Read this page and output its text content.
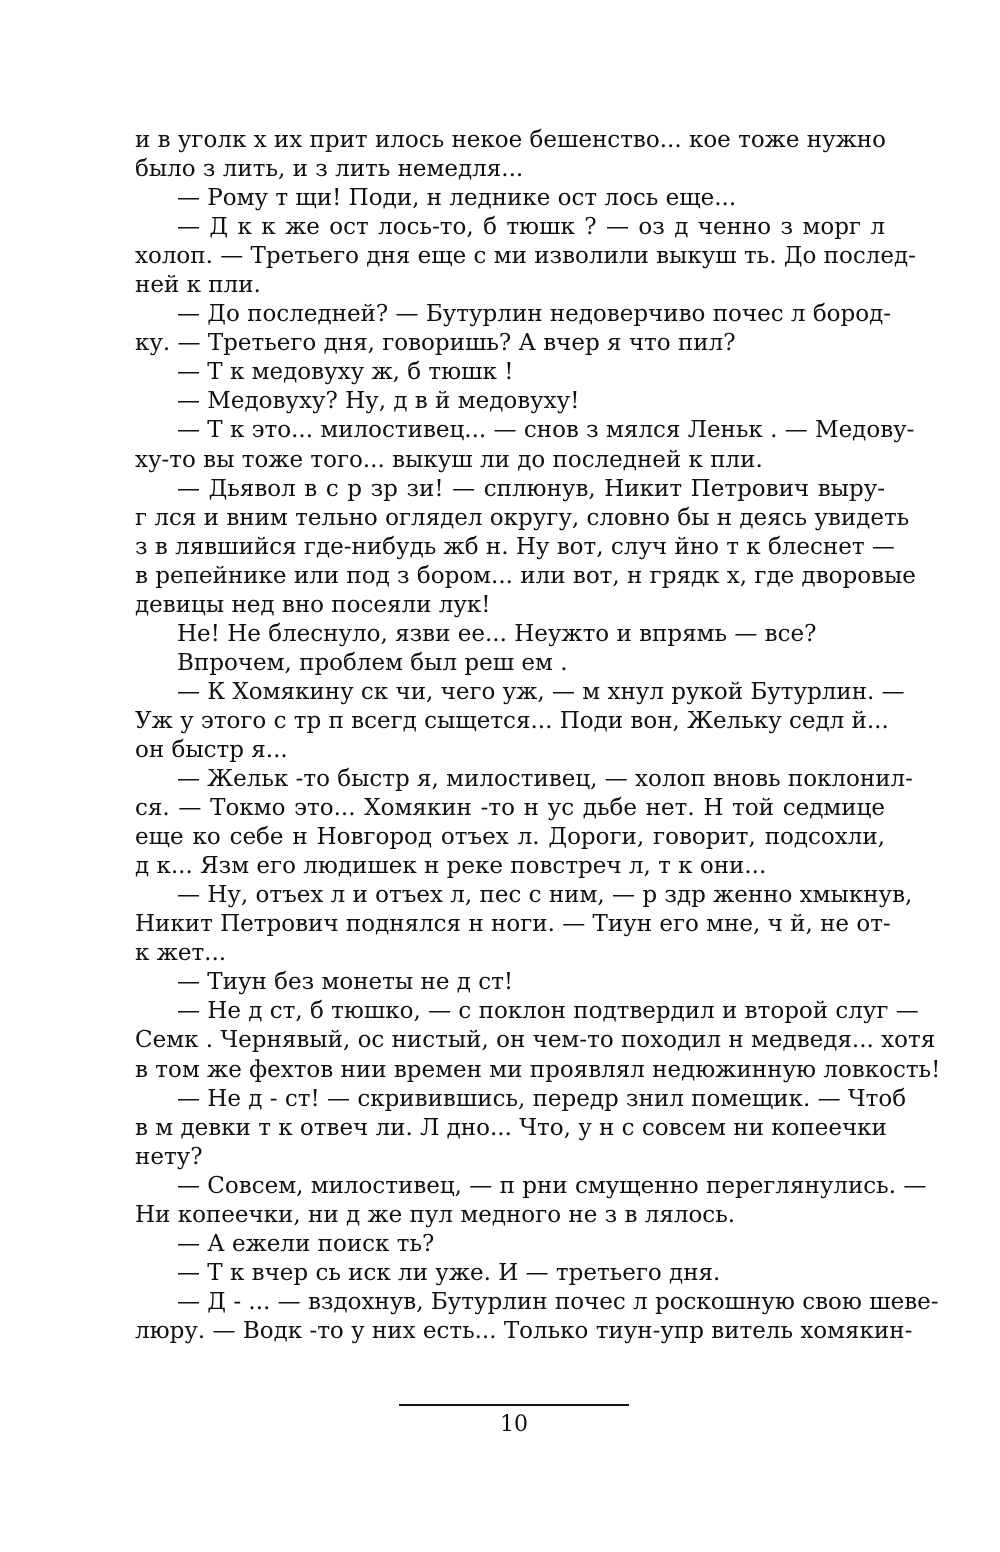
и в уголк х их прит илось некое бешенство... кое тоже нужно
было з лить, и з лить немедля...
— Рому т щи! Поди, н леднике ост лось еще...
— Д к к же ост лось-то, б тюшк ? — оз д ченно з морг л
холоп. — Третьего дня еще с ми изволили выкуш ть. До послед-
ней к пли.
— До последней? — Бутурлин недоверчиво почес л бород-
ку. — Третьего дня, говоришь? А вчер я что пил?
— Т к медовуху ж, б тюшк !
— Медовуху? Ну, д в й медовуху!
— Т к это... милостивец... — снов з мялся Леньк . — Медову-
ху-то вы тоже того... выкуш ли до последней к пли.
— Дьявол в с р зр зи! — сплюнув, Никит Петрович выру-
г лся и вним тельно оглядел округу, словно бы н деясь увидеть
з в лявшийся где-нибудь жб н. Ну вот, случ йно т к блеснет —
в репейнике или под з бором... или вот, н грядк х, где дворовые
девицы нед вно посеяли лук!
Не! Не блеснуло, язви ее... Неужто и впрямь — все?
Впрочем, проблем был реш ем .
— К Хомякину ск чи, чего уж, — м хнул рукой Бутурлин. —
Уж у этого с тр п всегд сыщется... Поди вон, Жельку седл й...
он быстр я...
— Жельк -то быстр я, милостивец, — холоп вновь поклонил-
ся. — Токмо это... Хомякин -то н ус дьбе нет. Н той седмице
еще ко себе н Новгород отъех л. Дороги, говорит, подсохли,
д к... Язм его людишек н реке повстреч л, т к они...
— Ну, отъех л и отъех л, пес с ним, — р здр женно хмыкнув,
Никит Петрович поднялся н ноги. — Тиун его мне, ч й, не от-
к жет...
— Тиун без монеты не д ст!
— Не д ст, б тюшко, — с поклон подтвердил и второй слуг —
Семк . Чернявый, ос нистый, он чем-то походил н медведя... хотя
в том же фехтов нии времен ми проявлял недюжинную ловкость!
— Не д - ст! — скривившись, передр знил помещик. — Чтоб
в м девки т к отвеч ли. Л дно... Что, у н с совсем ни копеечки
нету?
— Совсем, милостивец, — п рни смущенно переглянулись. —
Ни копеечки, ни д же пул медного не з в лялось.
— А ежели поиск ть?
— Т к вчер сь иск ли уже. И — третьего дня.
— Д - ... — вздохнув, Бутурлин почес л роскошную свою шеве-
люру. — Водк -то у них есть... Только тиун-упр витель хомякин-
10
